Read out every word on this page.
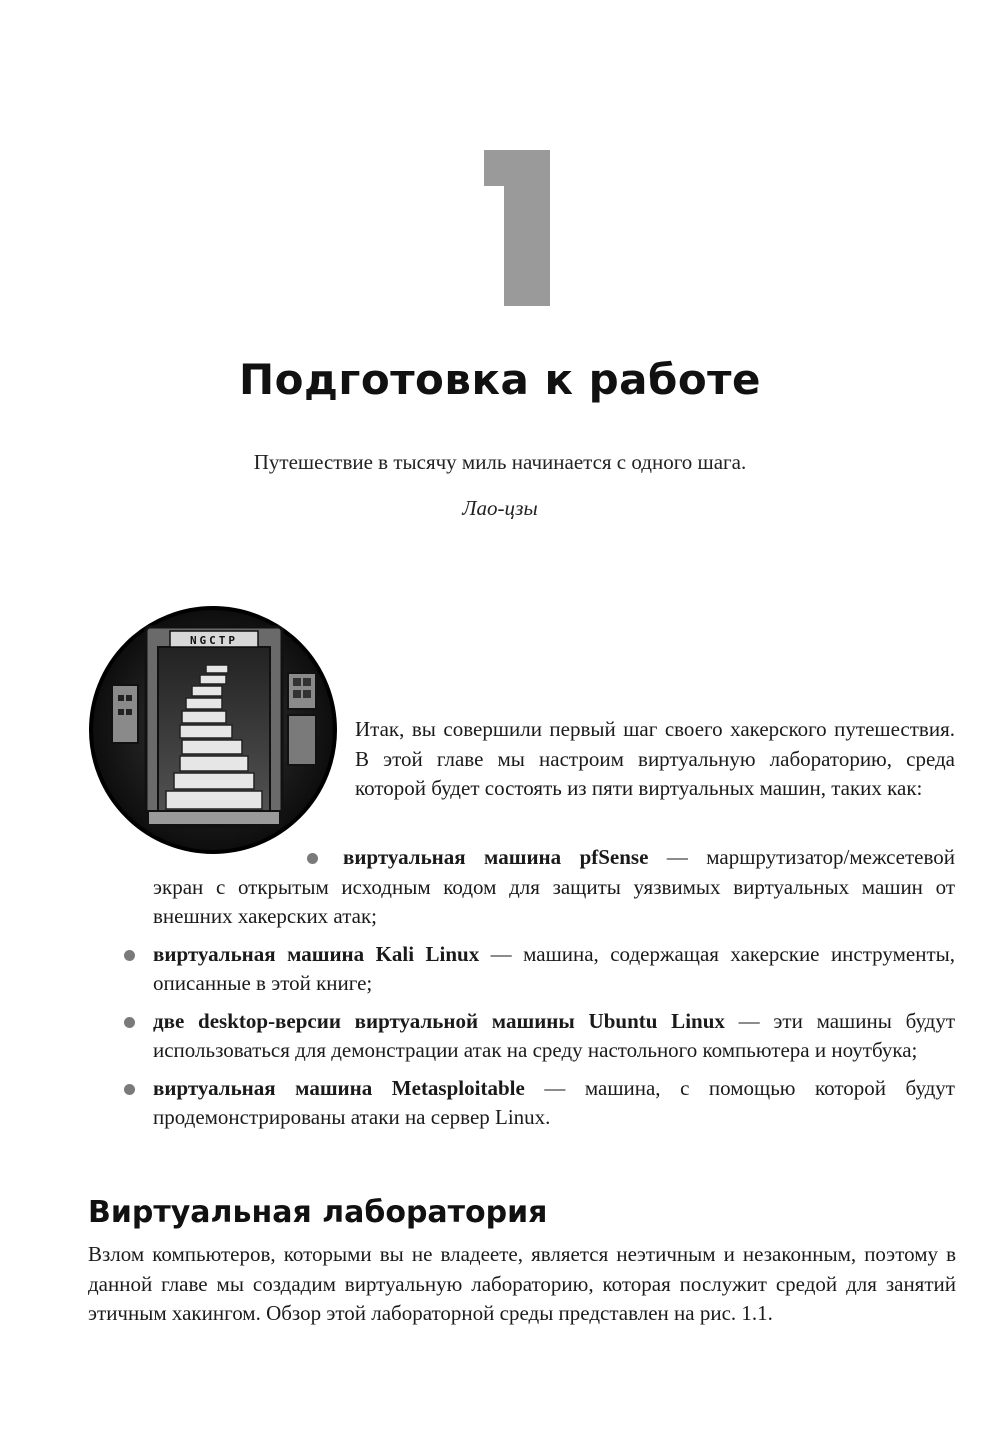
1
Подготовка к работе
Путешествие в тысячу миль начинается с одного шага.
Лао-цзы
NGCTP
Итак, вы совершили первый шаг своего хакерского путешествия. В этой главе мы настроим виртуальную лабораторию, среда которой будет состоять из пяти виртуальных машин, таких как:
виртуальная машина pfSense — маршрутизатор/межсетевой экран с открытым исходным кодом для защиты уязвимых виртуальных машин от внешних хакерских атак;
виртуальная машина Kali Linux — машина, содержащая хакерские инструменты, описанные в этой книге;
две desktop-версии виртуальной машины Ubuntu Linux — эти машины будут использоваться для демонстрации атак на среду настольного компьютера и ноутбука;
виртуальная машина Metasploitable — машина, с помощью которой будут продемонстрированы атаки на сервер Linux.
Виртуальная лаборатория

Взлом компьютеров, которыми вы не владеете, является неэтичным и незаконным, поэтому в данной главе мы создадим виртуальную лабораторию, которая послужит средой для занятий этичным хакингом. Обзор этой лабораторной среды представлен на рис. 1.1.
